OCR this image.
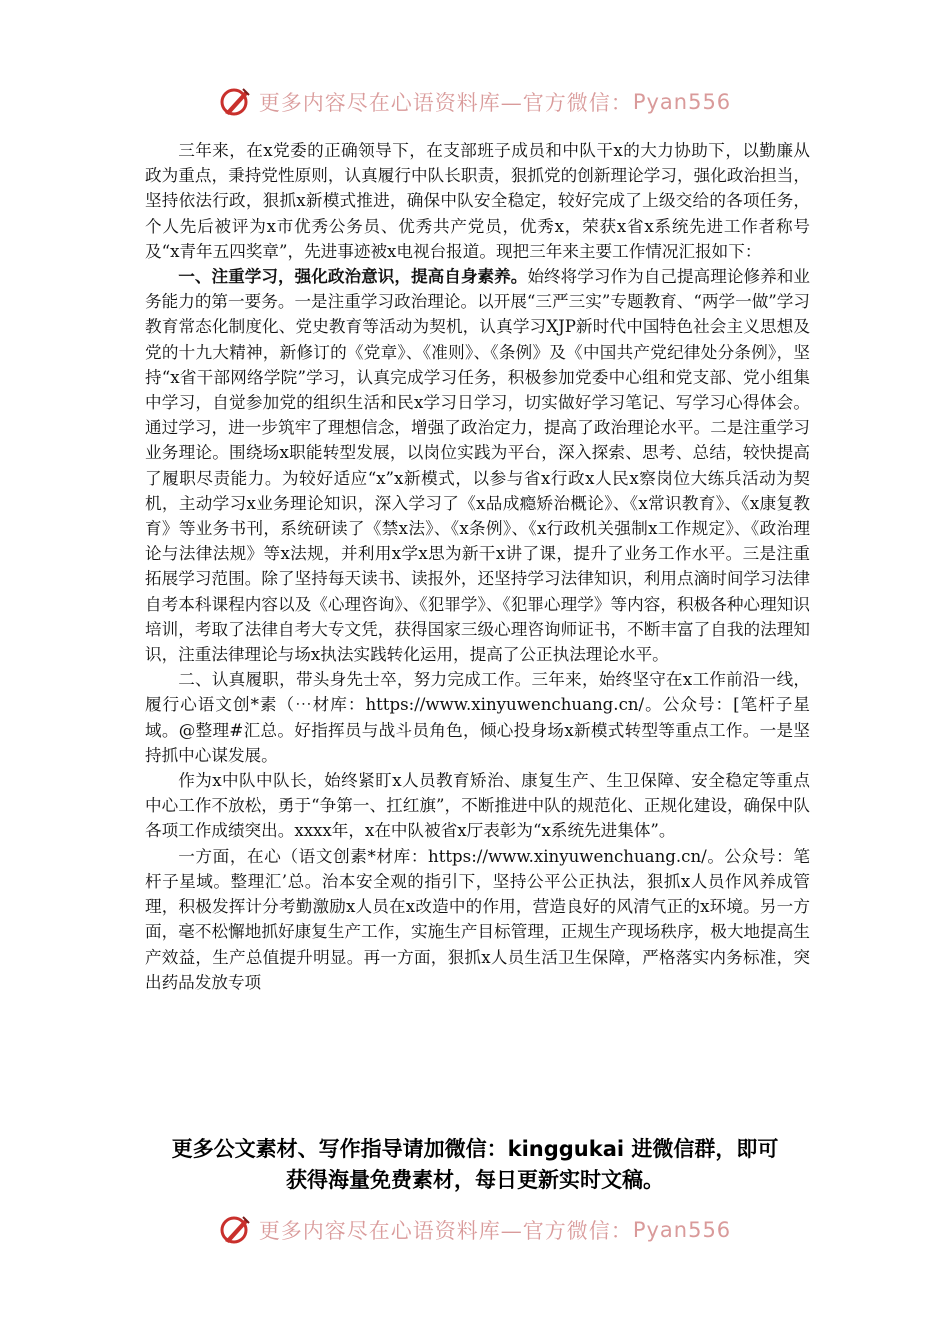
更多内容尽在心语资料库—官方微信： Pyan556

三年来，在x党委的正确领导下，在支部班子成员和中队干x的大力协助下，以勤廉从政为重点，秉持党性原则，认真履行中队长职责，狠抓党的创新理论学习，强化政治担当，坚持依法行政，狠抓x新模式推进，确保中队安全稳定，较好完成了上级交给的各项任务，个人先后被评为x市优秀公务员、优秀共产党员，优秀x，荣获x省x系统先进工作者称号及“x青年五四奖章”，先进事迹被x电视台报道。现把三年来主要工作情况汇报如下：

一、注重学习，强化政治意识，提高自身素养。始终将学习作为自己提高理论修养和业务能力的第一要务。一是注重学习政治理论。以开展“三严三实”专题教育、“两学一做”学习教育常态化制度化、党史教育等活动为契机，认真学习XJP新时代中国特色社会主义思想及党的十九大精神，新修订的《党章》、《准则》、《条例》及《中国共产党纪律处分条例》，坚持“x省干部网络学院”学习，认真完成学习任务，积极参加党委中心组和党支部、党小组集中学习，自觉参加党的组织生活和民x学习日学习，切实做好学习笔记、写学习心得体会。通过学习，进一步筑牢了理想信念，增强了政治定力，提高了政治理论水平。二是注重学习业务理论。围绕场x职能转型发展，以岗位实践为平台，深入探索、思考、总结，较快提高了履职尽责能力。为较好适应“x”x新模式，以参与省x行政x人民x察岗位大练兵活动为契机，主动学习x业务理论知识，深入学习了《x品成瘾矫治概论》、《x常识教育》、《x康复教育》等业务书刊，系统研读了《禁x法》、《x条例》、《x行政机关强制x工作规定》、《政治理论与法律法规》等x法规，并利用x学x思为新干x讲了课，提升了业务工作水平。三是注重拓展学习范围。除了坚持每天读书、读报外，还坚持学习法律知识，利用点滴时间学习法律自考本科课程内容以及《心理咨询》、《犯罪学》、《犯罪心理学》等内容，积极各种心理知识培训，考取了法律自考大专文凭，获得国家三级心理咨询师证书，不断丰富了自我的法理知识，注重法律理论与场x执法实践转化运用，提高了公正执法理论水平。

二、认真履职，带头身先士卒，努力完成工作。三年来，始终坚守在x工作前沿一线，履行心语文创*素（⋯材库：https://www.xinyuwenchuang.cn/。公众号：[笔杆子星域。@整理#汇总。好指挥员与战斗员角色，倾心投身场x新模式转型等重点工作。一是坚持抓中心谋发展。

作为x中队中队长，始终紧盯x人员教育矫治、康复生产、生卫保障、安全稳定等重点中心工作不放松，勇于“争第一、扛红旗”，不断推进中队的规范化、正规化建设，确保中队各项工作成绩突出。xxxx年，x在中队被省x厅表彰为“x系统先进集体”。

一方面，在心（语文创素*材库：https://www.xinyuwenchuang.cn/。公众号：笔杆子星域。整理汇’总。治本安全观的指引下，坚持公平公正执法，狠抓x人员作风养成管理，积极发挥计分考勤激励x人员在x改造中的作用，营造良好的风清气正的x环境。另一方面，毫不松懈地抓好康复生产工作，实施生产目标管理，正规生产现场秩序，极大地提高生产效益，生产总值提升明显。再一方面，狠抓x人员生活卫生保障，严格落实内务标准，突出药品发放专项

更多公文素材、写作指导请加微信：kinggukai 进微信群，即可
获得海量免费素材，每日更新实时文稿。
更多内容尽在心语资料库—官方微信： Pyan556
